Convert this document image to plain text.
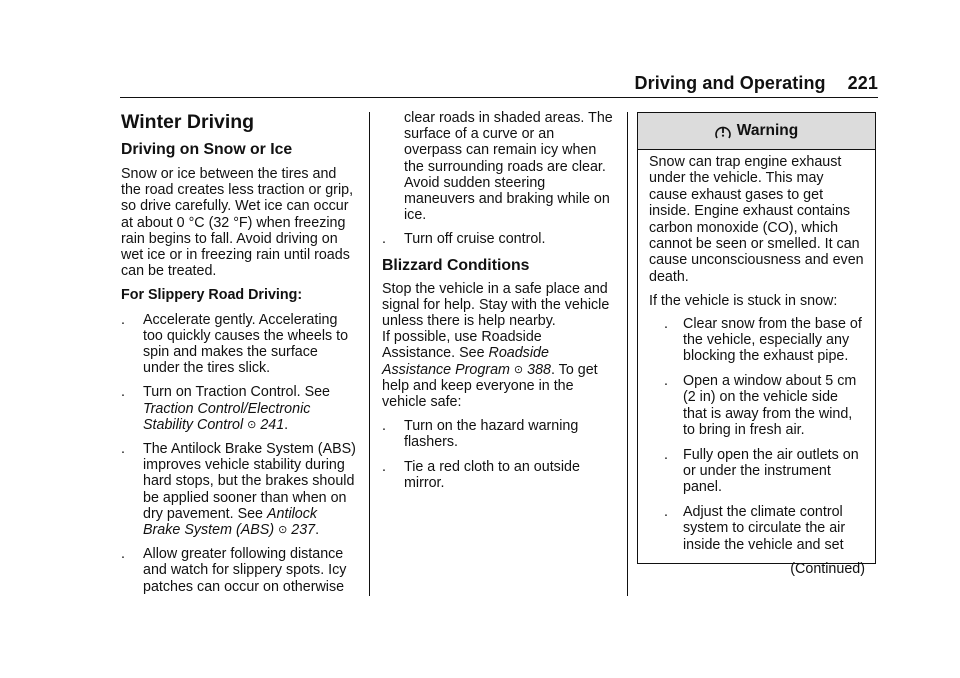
Driving and Operating 221
Winter Driving
Driving on Snow or Ice

Snow or ice between the tires and the road creates less traction or grip, so drive carefully. Wet ice can occur at about 0 °C (32 °F) when freezing rain begins to fall. Avoid driving on wet ice or in freezing rain until roads can be treated.

For Slippery Road Driving:

.	Accelerate gently. Accelerating too quickly causes the wheels to spin and makes the surface under the tires slick.
.	Turn on Traction Control. See Traction Control/Electronic Stability Control ⊙ 241.
.	The Antilock Brake System (ABS) improves vehicle stability during hard stops, but the brakes should be applied sooner than when on dry pavement. See Antilock Brake System (ABS) ⊙ 237.
.	Allow greater following distance and watch for slippery spots. Icy patches can occur on otherwise
clear roads in shaded areas. The surface of a curve or an overpass can remain icy when the surrounding roads are clear. Avoid sudden steering maneuvers and braking while on ice.
.	Turn off cruise control.
Blizzard Conditions

Stop the vehicle in a safe place and signal for help. Stay with the vehicle unless there is help nearby.

If possible, use Roadside Assistance. See Roadside Assistance Program ⊙ 388. To get help and keep everyone in the vehicle safe:

.	Turn on the hazard warning flashers.
.	Tie a red cloth to an outside mirror.
Warning

Snow can trap engine exhaust under the vehicle. This may cause exhaust gases to get inside. Engine exhaust contains carbon monoxide (CO), which cannot be seen or smelled. It can cause unconsciousness and even death.

If the vehicle is stuck in snow:

.	Clear snow from the base of the vehicle, especially any blocking the exhaust pipe.
.	Open a window about 5 cm (2 in) on the vehicle side that is away from the wind, to bring in fresh air.
.	Fully open the air outlets on or under the instrument panel.
.	Adjust the climate control system to circulate the air inside the vehicle and set

(Continued)
